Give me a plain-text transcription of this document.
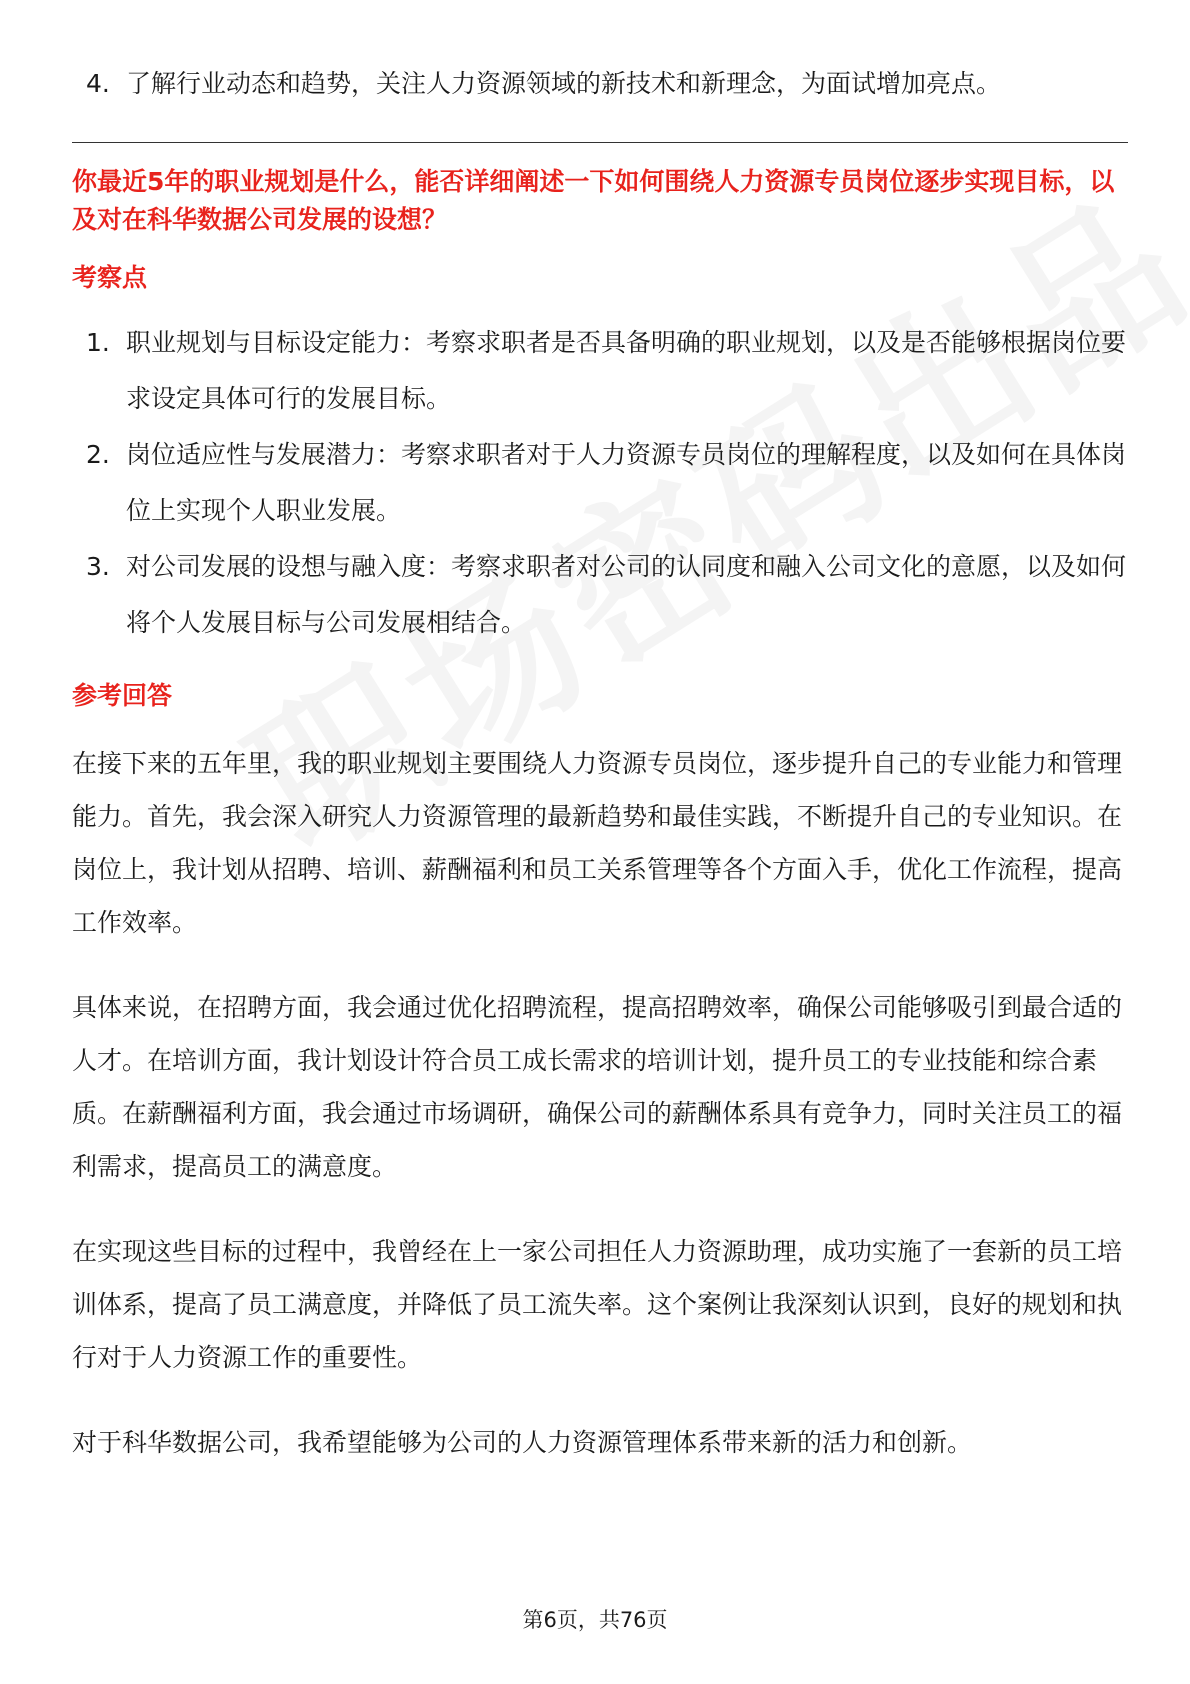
4. 了解行业动态和趋势，关注人力资源领域的新技术和新理念，为面试增加亮点。
你最近5年的职业规划是什么，能否详细阐述一下如何围绕人力资源专员岗位逐步实现目标，以及对在科华数据公司发展的设想？
考察点
1. 职业规划与目标设定能力：考察求职者是否具备明确的职业规划，以及是否能够根据岗位要求设定具体可行的发展目标。
2. 岗位适应性与发展潜力：考察求职者对于人力资源专员岗位的理解程度，以及如何在具体岗位上实现个人职业发展。
3. 对公司发展的设想与融入度：考察求职者对公司的认同度和融入公司文化的意愿，以及如何将个人发展目标与公司发展相结合。
参考回答

在接下来的五年里，我的职业规划主要围绕人力资源专员岗位，逐步提升自己的专业能力和管理能力。首先，我会深入研究人力资源管理的最新趋势和最佳实践，不断提升自己的专业知识。在岗位上，我计划从招聘、培训、薪酬福利和员工关系管理等各个方面入手，优化工作流程，提高工作效率。

具体来说，在招聘方面，我会通过优化招聘流程，提高招聘效率，确保公司能够吸引到最合适的人才。在培训方面，我计划设计符合员工成长需求的培训计划，提升员工的专业技能和综合素质。在薪酬福利方面，我会通过市场调研，确保公司的薪酬体系具有竞争力，同时关注员工的福利需求，提高员工的满意度。

在实现这些目标的过程中，我曾经在上一家公司担任人力资源助理，成功实施了一套新的员工培训体系，提高了员工满意度，并降低了员工流失率。这个案例让我深刻认识到，良好的规划和执行对于人力资源工作的重要性。

对于科华数据公司，我希望能够为公司的人力资源管理体系带来新的活力和创新。

第6页，共76页
